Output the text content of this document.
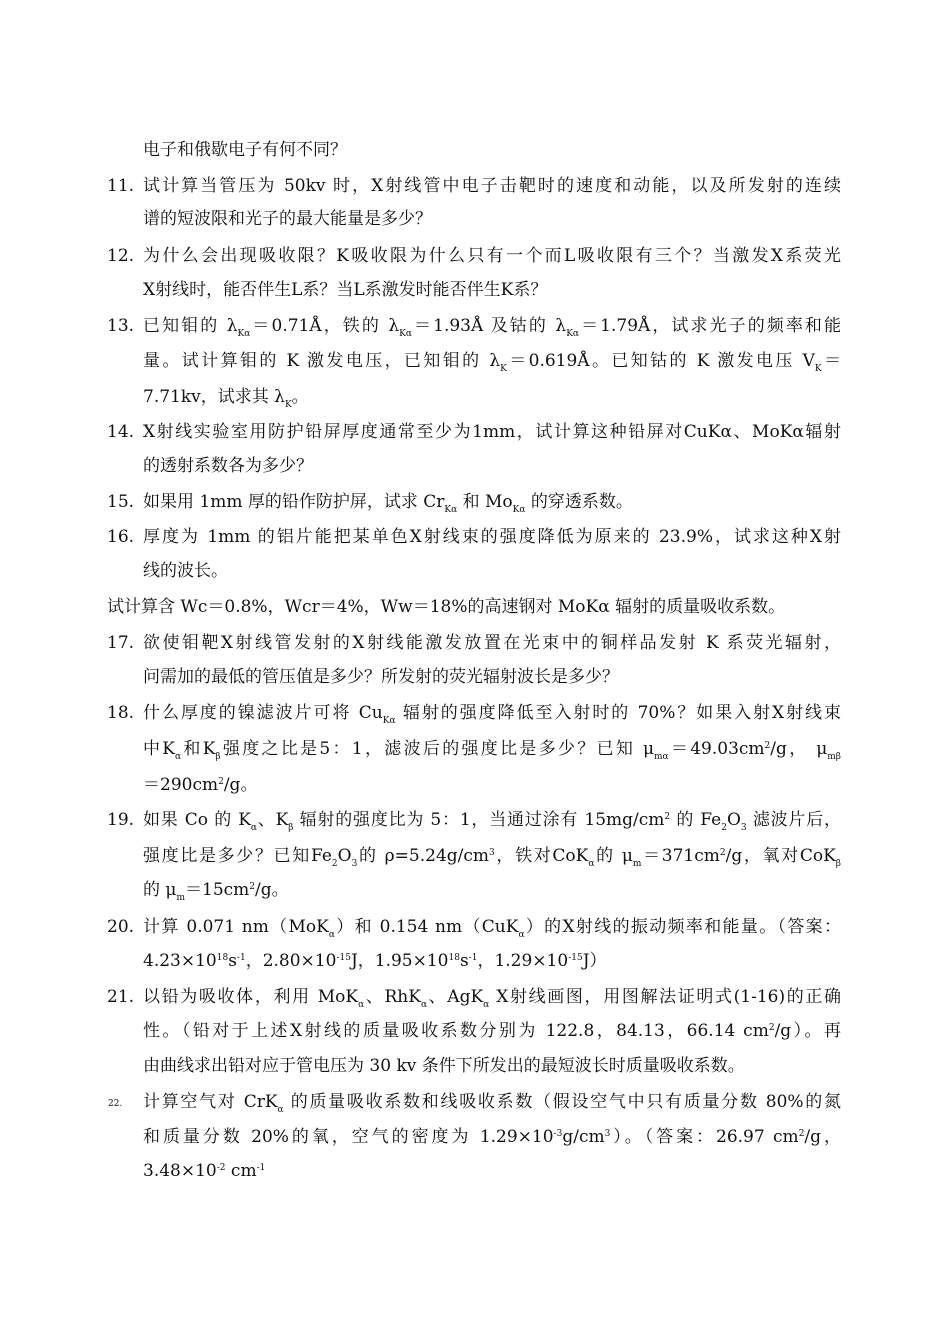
电子和俄歇电子有何不同？
11. 试计算当管压为 50kv 时，X射线管中电子击靶时的速度和动能，以及所发射的连续
谱的短波限和光子的最大能量是多少？
12. 为什么会出现吸收限？K吸收限为什么只有一个而L吸收限有三个？当激发X系荧光
X射线时，能否伴生L系？当L系激发时能否伴生K系？
13. 已知钼的 $\lambda_{K\alpha}=0.71Å$，铁的 $\lambda_{K\alpha}=1.93Å$ 及钴的 $\lambda_{K\alpha}=1.79Å$，试求光子的频率和能
量。试计算钼的 K 激发电压，已知钼的 $\lambda_K=0.619Å$。已知钴的 K 激发电压 $V_K=$
7.71kv，试求其 $\lambda_K$。
14. X射线实验室用防护铅屏厚度通常至少为1mm，试计算这种铅屏对CuKα、MoKα辐射
的透射系数各为多少？
15. 如果用 1mm 厚的铅作防护屏，试求 $Cr_{K\alpha}$ 和 $Mo_{K\alpha}$ 的穿透系数。
16. 厚度为 1mm 的铝片能把某单色X射线束的强度降低为原来的 23.9%，试求这种X射
线的波长。
试计算含 Wc＝0.8%，Wcr＝4%，Ww＝18%的高速钢对 MoKα 辐射的质量吸收系数。
17. 欲使钼靶X射线管发射的X射线能激发放置在光束中的铜样品发射 K 系荧光辐射，
问需加的最低的管压值是多少？所发射的荧光辐射波长是多少？
18. 什么厚度的镍滤波片可将 $Cu_{K\alpha}$ 辐射的强度降低至入射时的 70%？如果入射X射线束
中$K_\alpha$和$K_\beta$强度之比是5：1，滤波后的强度比是多少？已知 $\mu_{m\alpha}=49.03cm^2/g$， $\mu_{m\beta}$
$=290cm^2/g$。
19. 如果 Co 的 $K_\alpha$、$K_\beta$ 辐射的强度比为 5：1，当通过涂有 $15mg/cm^2$ 的 $Fe_2O_3$ 滤波片后，
强度比是多少？已知$Fe_2O_3$的 $\rho=5.24g/cm^3$，铁对CoK$_\alpha$的 $\mu_m=371cm^2/g$，氧对CoK$_\beta$
的 $\mu_m=15cm^2/g$。
20. 计算 0.071 nm（MoK$_\alpha$）和 0.154 nm（CuK$_\alpha$）的X射线的振动频率和能量。（答案：
$4.23\times 10^{18}s^{-1}$，$2.80\times 10^{-15}J$，$1.95\times 10^{18}s^{-1}$，$1.29\times 10^{-15}J$）
21. 以铅为吸收体，利用 MoK$_\alpha$、RhK$_\alpha$、AgK$_\alpha$ X射线画图，用图解法证明式(1-16)的正确
性。（铅对于上述X射线的质量吸收系数分别为 122.8，84.13，66.14 $cm^2/g$）。再
由曲线求出铅对应于管电压为 30 kv 条件下所发出的最短波长时质量吸收系数。
22. 计算空气对 CrK$_\alpha$ 的质量吸收系数和线吸收系数（假设空气中只有质量分数 80%的氮
和质量分数 20%的氧，空气的密度为 $1.29\times 10^{-3}g/cm^3$）。（答案：26.97 $cm^2/g$，
$3.48\times 10^{-2}$ $cm^{-1}$
